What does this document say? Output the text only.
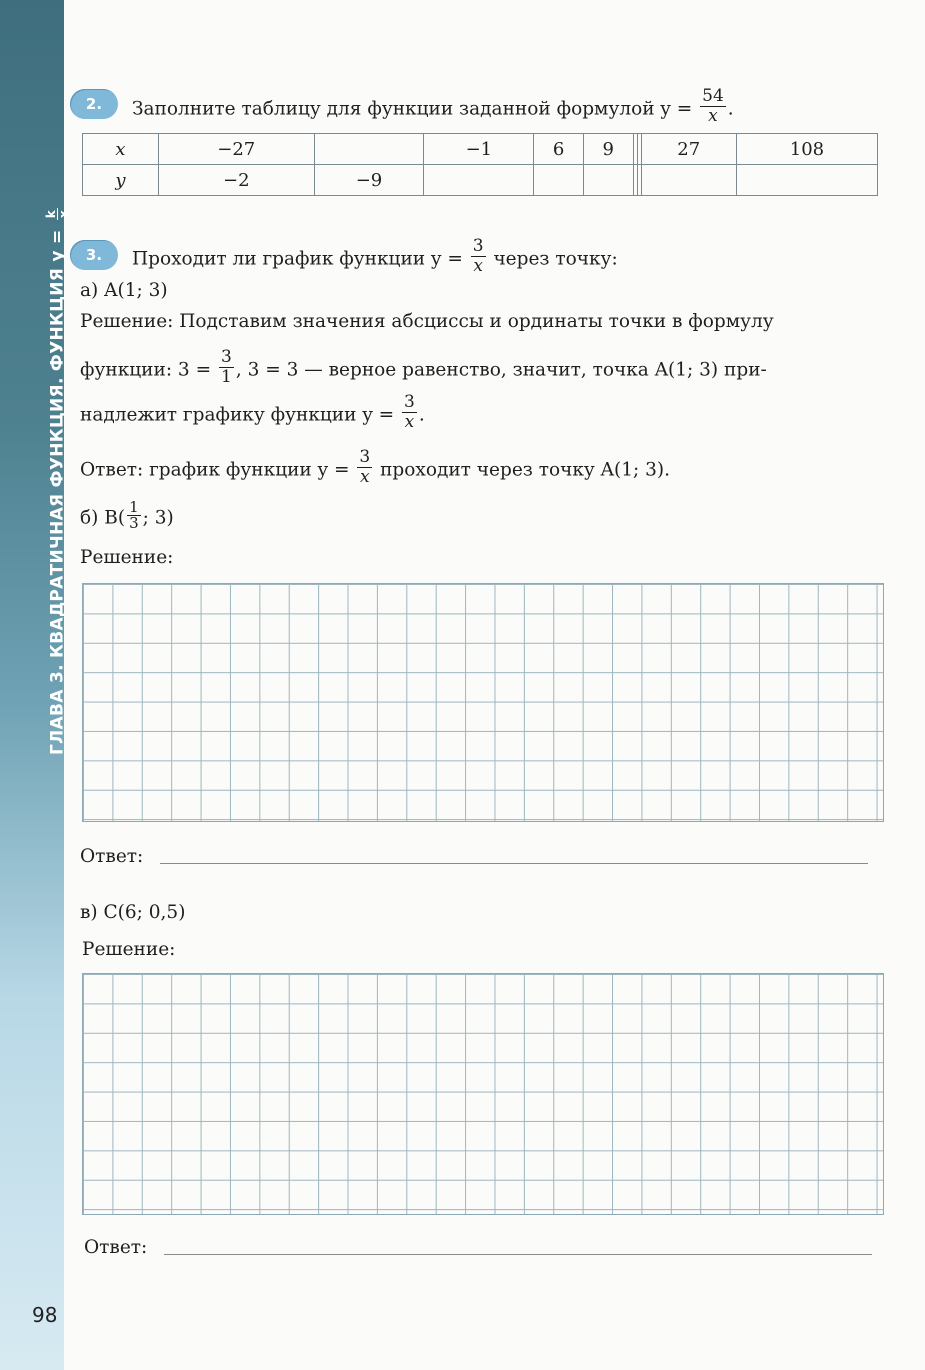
ГЛАВА 3. КВАДРАТИЧНАЯ ФУНКЦИЯ. ФУНКЦИЯ y =
k x
98
2.	Заполните таблицу для функции заданной формулой $y = \frac{54}{x}$ .
x	−27		−1	6	9			27	108
y	−2	−9							
3.	Проходит ли график функции $y = \frac{3}{x}$ через точку:
а) A(1; 3)
Решение: Подставим значения абсциссы и ординаты точки в формулу
функции: $3 = \frac{3}{1}$ , 3 = 3 — верное равенство, значит, точка A(1; 3) при-
надлежит графику функции $y = \frac{3}{x}$ .
Ответ: график функции $y = \frac{3}{x}$ проходит через точку A(1; 3).
б) $B( \frac{1}{3}$ ; 3)
Решение:
Ответ:
в) C(6; 0,5)
Решение:
Ответ:
